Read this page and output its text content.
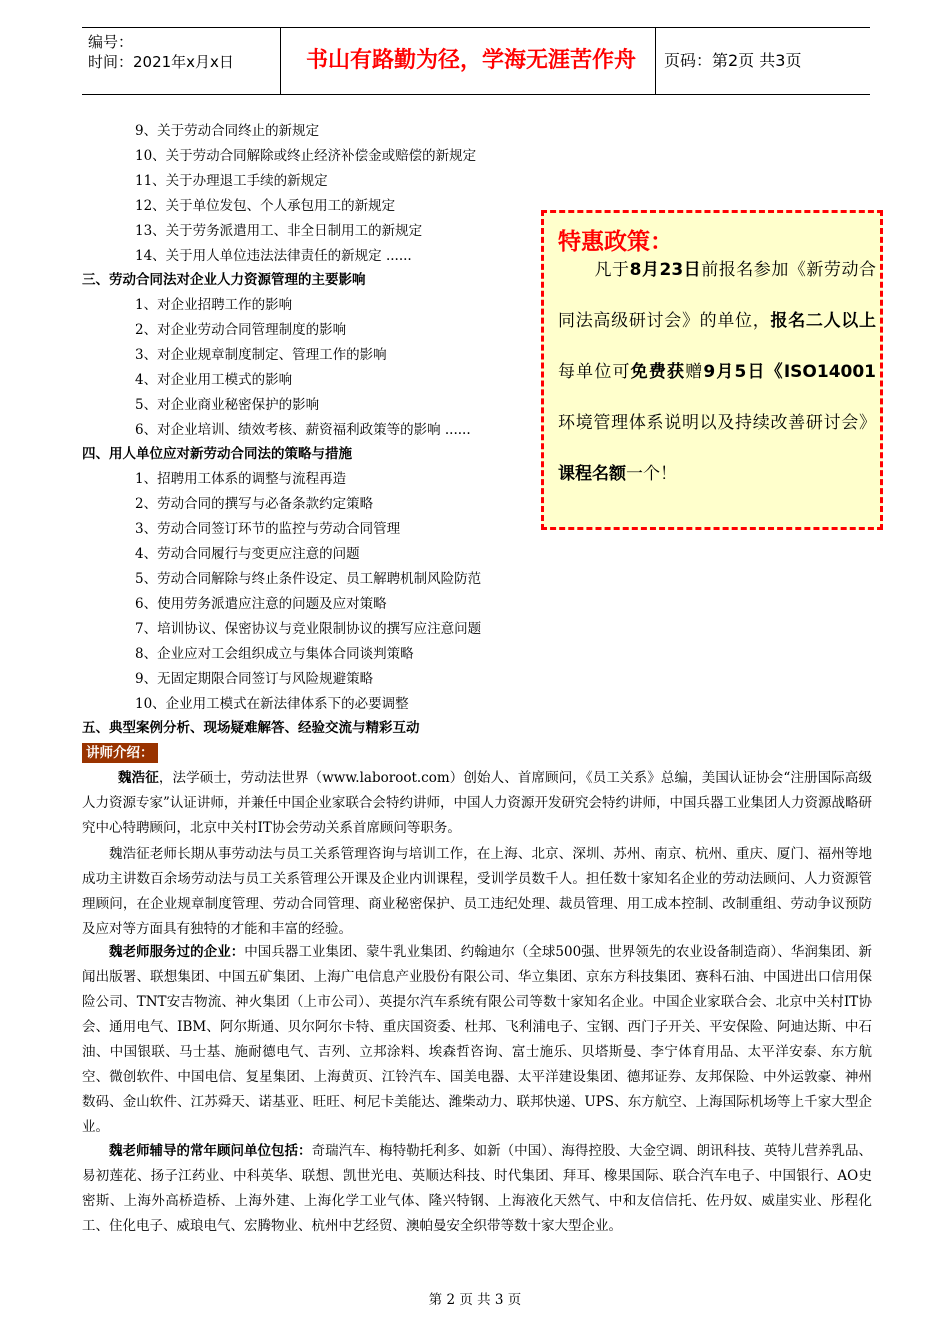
编号：
时间：2021年x月x日	书山有路勤为径，学海无涯苦作舟	页码：第2页 共3页
9、关于劳动合同终止的新规定
10、关于劳动合同解除或终止经济补偿金或赔偿的新规定
11、关于办理退工手续的新规定
12、关于单位发包、个人承包用工的新规定
13、关于劳务派遣用工、非全日制用工的新规定
14、关于用人单位违法法律责任的新规定 ......
三、劳动合同法对企业人力资源管理的主要影响
1、对企业招聘工作的影响
2、对企业劳动合同管理制度的影响
3、对企业规章制度制定、管理工作的影响
4、对企业用工模式的影响
5、对企业商业秘密保护的影响
6、对企业培训、绩效考核、薪资福利政策等的影响 ......
四、用人单位应对新劳动合同法的策略与措施
1、招聘用工体系的调整与流程再造
2、劳动合同的撰写与必备条款约定策略
3、劳动合同签订环节的监控与劳动合同管理
4、劳动合同履行与变更应注意的问题
5、劳动合同解除与终止条件设定、员工解聘机制风险防范
6、使用劳务派遣应注意的问题及应对策略
7、培训协议、保密协议与竞业限制协议的撰写应注意问题
8、企业应对工会组织成立与集体合同谈判策略
9、无固定期限合同签订与风险规避策略
10、企业用工模式在新法律体系下的必要调整
五、典型案例分析、现场疑难解答、经验交流与精彩互动
讲师介绍：
魏浩征，法学硕士，劳动法世界（www.laboroot.com）创始人、首席顾问，《员工关系》总编，美国认证协会“注册国际高级人力资源专家”认证讲师，并兼任中国企业家联合会特约讲师，中国人力资源开发研究会特约讲师，中国兵器工业集团人力资源战略研究中心特聘顾问，北京中关村IT协会劳动关系首席顾问等职务。
魏浩征老师长期从事劳动法与员工关系管理咨询与培训工作，在上海、北京、深圳、苏州、南京、杭州、重庆、厦门、福州等地成功主讲数百余场劳动法与员工关系管理公开课及企业内训课程，受训学员数千人。担任数十家知名企业的劳动法顾问、人力资源管理顾问，在企业规章制度管理、劳动合同管理、商业秘密保护、员工违纪处理、裁员管理、用工成本控制、改制重组、劳动争议预防及应对等方面具有独特的才能和丰富的经验。
魏老师服务过的企业：中国兵器工业集团、蒙牛乳业集团、约翰迪尔（全球500强、世界领先的农业设备制造商）、华润集团、新闻出版署、联想集团、中国五矿集团、上海广电信息产业股份有限公司、华立集团、京东方科技集团、赛科石油、中国进出口信用保险公司、TNT安吉物流、神火集团（上市公司）、英提尔汽车系统有限公司等数十家知名企业。中国企业家联合会、北京中关村IT协会、通用电气、IBM、阿尔斯通、贝尔阿尔卡特、重庆国资委、杜邦、飞利浦电子、宝钢、西门子开关、平安保险、阿迪达斯、中石油、中国银联、马士基、施耐德电气、吉列、立邦涂料、埃森哲咨询、富士施乐、贝塔斯曼、李宁体育用品、太平洋安泰、东方航空、微创软件、中国电信、复星集团、上海黄页、江铃汽车、国美电器、太平洋建设集团、德邦证券、友邦保险、中外运敦豪、神州数码、金山软件、江苏舜天、诺基亚、旺旺、柯尼卡美能达、潍柴动力、联邦快递、UPS、东方航空、上海国际机场等上千家大型企业。
魏老师辅导的常年顾问单位包括：奇瑞汽车、梅特勒托利多、如新（中国）、海得控股、大金空调、朗讯科技、英特儿营养乳品、易初莲花、扬子江药业、中科英华、联想、凯世光电、英顺达科技、时代集团、拜耳、橡果国际、联合汽车电子、中国银行、AO史密斯、上海外高桥造桥、上海外建、上海化学工业气体、隆兴特钢、上海液化天然气、中和友信信托、佐丹奴、威崖实业、彤程化工、住化电子、威琅电气、宏腾物业、杭州中艺经贸、澳帕曼安全织带等数十家大型企业。
特惠政策：
凡于8月23日前报名参加《新劳动合同法高级研讨会》的单位，报名二人以上每单位可免费获赠9月5日《ISO14001环境管理体系说明以及持续改善研讨会》课程名额一个！
第 2 页 共 3 页
